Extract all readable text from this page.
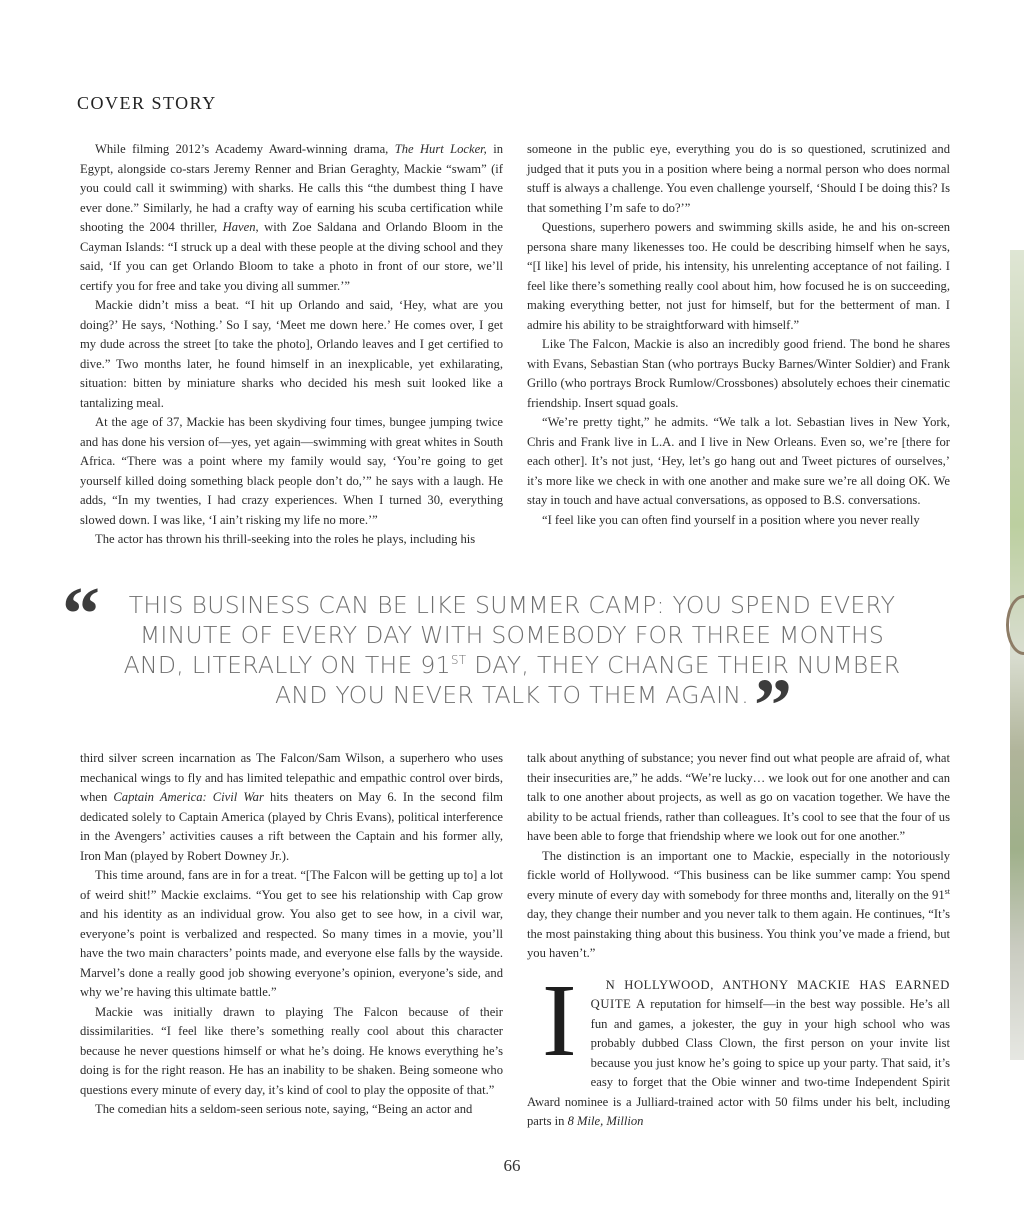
COVER STORY

While filming 2012’s Academy Award-winning drama, The Hurt Locker, in Egypt, alongside co-stars Jeremy Renner and Brian Geraghty, Mackie “swam” (if you could call it swimming) with sharks. He calls this “the dumbest thing I have ever done.” Similarly, he had a crafty way of earning his scuba certification while shooting the 2004 thriller, Haven, with Zoe Saldana and Orlando Bloom in the Cayman Islands: “I struck up a deal with these people at the diving school and they said, ‘If you can get Orlando Bloom to take a photo in front of our store, we’ll certify you for free and take you diving all summer.’”

Mackie didn’t miss a beat. “I hit up Orlando and said, ‘Hey, what are you doing?’ He says, ‘Nothing.’ So I say, ‘Meet me down here.’ He comes over, I get my dude across the street [to take the photo], Orlando leaves and I get certified to dive.” Two months later, he found himself in an inexplicable, yet exhilarating, situation: bitten by miniature sharks who decided his mesh suit looked like a tantalizing meal.

At the age of 37, Mackie has been skydiving four times, bungee jumping twice and has done his version of—yes, yet again—swimming with great whites in South Africa. “There was a point where my family would say, ‘You’re going to get yourself killed doing something black people don’t do,’” he says with a laugh. He adds, “In my twenties, I had crazy experiences. When I turned 30, everything slowed down. I was like, ‘I ain’t risking my life no more.’”

The actor has thrown his thrill-seeking into the roles he plays, including his

someone in the public eye, everything you do is so questioned, scrutinized and judged that it puts you in a position where being a normal person who does normal stuff is always a challenge. You even challenge yourself, ‘Should I be doing this? Is that something I’m safe to do?’”

Questions, superhero powers and swimming skills aside, he and his on-screen persona share many likenesses too. He could be describing himself when he says, “[I like] his level of pride, his intensity, his unrelenting acceptance of not failing. I feel like there’s something really cool about him, how focused he is on succeeding, making everything better, not just for himself, but for the betterment of man. I admire his ability to be straightforward with himself.”

Like The Falcon, Mackie is also an incredibly good friend. The bond he shares with Evans, Sebastian Stan (who portrays Bucky Barnes/Winter Soldier) and Frank Grillo (who portrays Brock Rumlow/Crossbones) absolutely echoes their cinematic friendship. Insert squad goals.

“We’re pretty tight,” he admits. “We talk a lot. Sebastian lives in New York, Chris and Frank live in L.A. and I live in New Orleans. Even so, we’re [there for each other]. It’s not just, ‘Hey, let’s go hang out and Tweet pictures of ourselves,’ it’s more like we check in with one another and make sure we’re all doing OK. We stay in touch and have actual conversations, as opposed to B.S. conversations.

“I feel like you can often find yourself in a position where you never really

“	THIS BUSINESS CAN BE LIKE SUMMER CAMP: YOU SPEND EVERY
MINUTE OF EVERY DAY WITH SOMEBODY FOR THREE MONTHS
AND, LITERALLY ON THE 91ST DAY, THEY CHANGE THEIR NUMBER
AND YOU NEVER TALK TO THEM AGAIN. ”

third silver screen incarnation as The Falcon/Sam Wilson, a superhero who uses mechanical wings to fly and has limited telepathic and empathic control over birds, when Captain America: Civil War hits theaters on May 6. In the second film dedicated solely to Captain America (played by Chris Evans), political interference in the Avengers’ activities causes a rift between the Captain and his former ally, Iron Man (played by Robert Downey Jr.).

This time around, fans are in for a treat. “[The Falcon will be getting up to] a lot of weird shit!” Mackie exclaims. “You get to see his relationship with Cap grow and his identity as an individual grow. You also get to see how, in a civil war, everyone’s point is verbalized and respected. So many times in a movie, you’ll have the two main characters’ points made, and everyone else falls by the wayside. Marvel’s done a really good job showing everyone’s opinion, everyone’s side, and why we’re having this ultimate battle.”

Mackie was initially drawn to playing The Falcon because of their dissimilarities. “I feel like there’s something really cool about this character because he never questions himself or what he’s doing. He knows everything he’s doing is for the right reason. He has an inability to be shaken. Being someone who questions every minute of every day, it’s kind of cool to play the opposite of that.”

The comedian hits a seldom-seen serious note, saying, “Being an actor and

talk about anything of substance; you never find out what people are afraid of, what their insecurities are,” he adds. “We’re lucky… we look out for one another and can talk to one another about projects, as well as go on vacation together. We have the ability to be actual friends, rather than colleagues. It’s cool to see that the four of us have been able to forge that friendship where we look out for one another.”

The distinction is an important one to Mackie, especially in the notoriously fickle world of Hollywood. “This business can be like summer camp: You spend every minute of every day with somebody for three months and, literally on the 91st day, they change their number and you never talk to them again. He continues, “It’s the most painstaking thing about this business. You think you’ve made a friend, but you haven’t.”

I N HOLLYWOOD, ANTHONY MACKIE HAS EARNED QUITE A reputation for himself—in the best way possible. He’s all fun and games, a jokester, the guy in your high school who was probably dubbed Class Clown, the first person on your invite list because you just know he’s going to spice up your party. That said, it’s easy to forget that the Obie winner and two-time Independent Spirit Award nominee is a Julliard-trained actor with 50 films under his belt, including parts in 8 Mile, Million

66
